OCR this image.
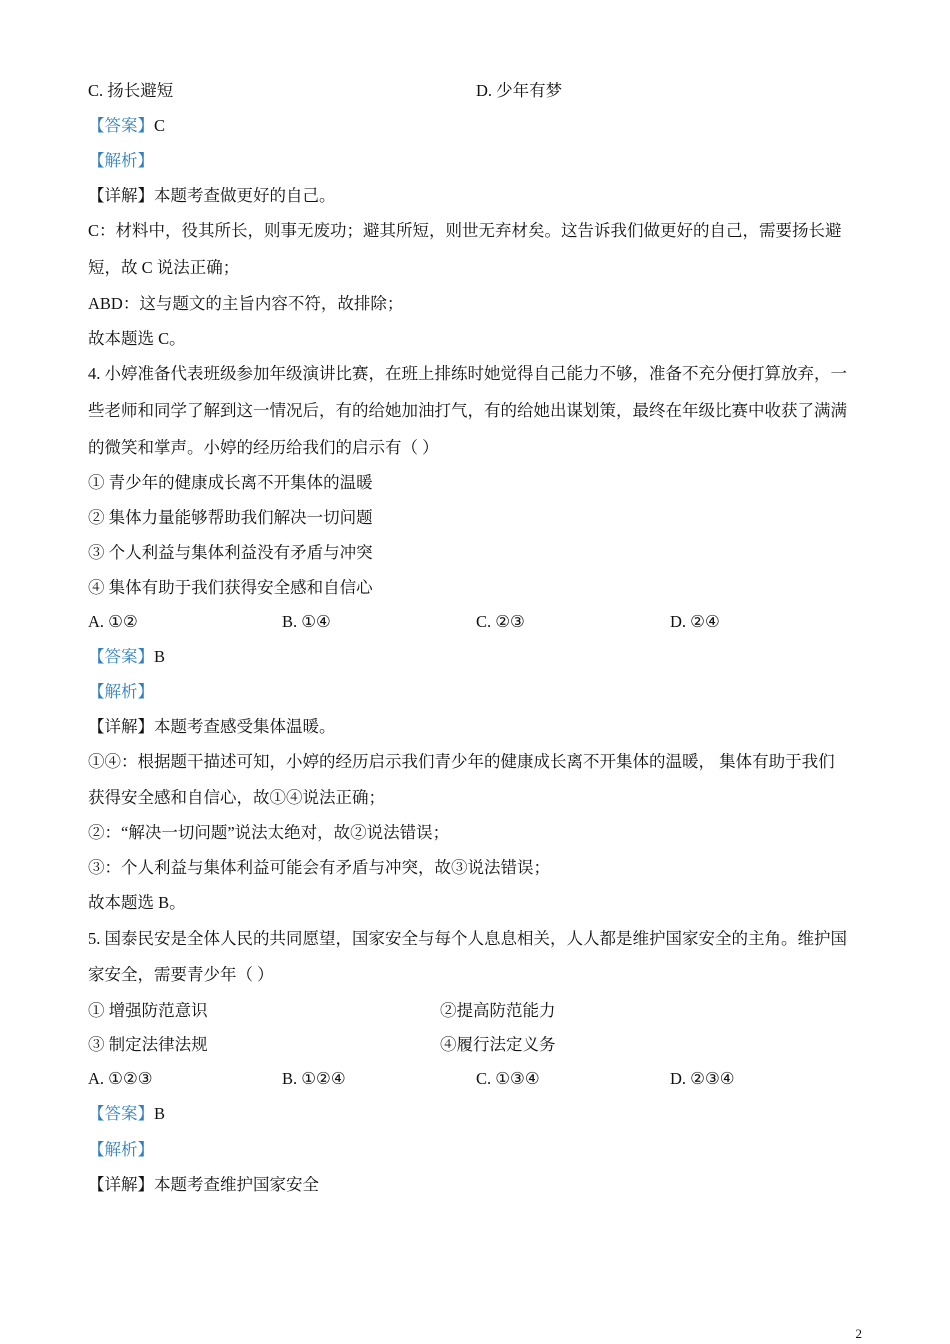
C. 扬长避短	D. 少年有梦
【答案】C
【解析】
【详解】本题考查做更好的自己。
C：材料中，役其所长，则事无废功；避其所短，则世无弃材矣。这告诉我们做更好的自己，需要扬长避
短，故 C 说法正确；
ABD：这与题文的主旨内容不符，故排除；
故本题选 C。
4. 小婷准备代表班级参加年级演讲比赛，在班上排练时她觉得自己能力不够，准备不充分便打算放弃，一
些老师和同学了解到这一情况后，有的给她加油打气，有的给她出谋划策，最终在年级比赛中收获了满满
的微笑和掌声。小婷的经历给我们的启示有（ ）
① 青少年的健康成长离不开集体的温暖
② 集体力量能够帮助我们解决一切问题
③ 个人利益与集体利益没有矛盾与冲突
④ 集体有助于我们获得安全感和自信心
A. ①②	B. ①④	C. ②③	D. ②④
【答案】B
【解析】
【详解】本题考查感受集体温暖。
①④：根据题干描述可知，小婷的经历启示我们青少年的健康成长离不开集体的温暖， 集体有助于我们
获得安全感和自信心，故①④说法正确；
②：“解决一切问题”说法太绝对，故②说法错误；
③：个人利益与集体利益可能会有矛盾与冲突，故③说法错误；
故本题选 B。
5. 国泰民安是全体人民的共同愿望，国家安全与每个人息息相关，人人都是维护国家安全的主角。维护国
家安全，需要青少年（ ）
① 增强防范意识	②提高防范能力
③ 制定法律法规	④履行法定义务
A. ①②③	B. ①②④	C. ①③④	D. ②③④
【答案】B
【解析】
【详解】本题考查维护国家安全
2
